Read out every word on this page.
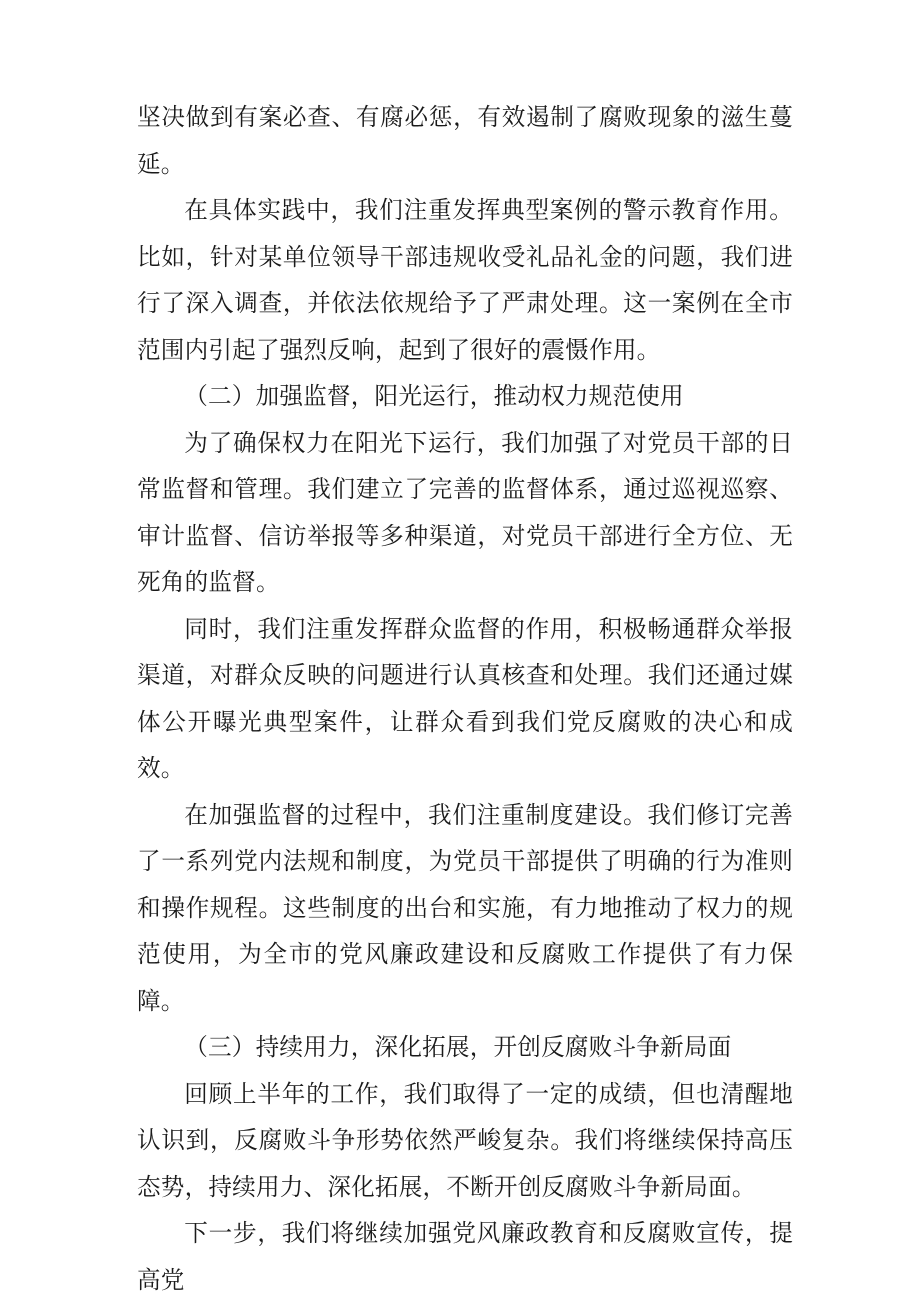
坚决做到有案必查、有腐必惩，有效遏制了腐败现象的滋生蔓延。

在具体实践中，我们注重发挥典型案例的警示教育作用。比如，针对某单位领导干部违规收受礼品礼金的问题，我们进行了深入调查，并依法依规给予了严肃处理。这一案例在全市范围内引起了强烈反响，起到了很好的震慑作用。

（二）加强监督，阳光运行，推动权力规范使用

为了确保权力在阳光下运行，我们加强了对党员干部的日常监督和管理。我们建立了完善的监督体系，通过巡视巡察、审计监督、信访举报等多种渠道，对党员干部进行全方位、无死角的监督。

同时，我们注重发挥群众监督的作用，积极畅通群众举报渠道，对群众反映的问题进行认真核查和处理。我们还通过媒体公开曝光典型案件，让群众看到我们党反腐败的决心和成效。

在加强监督的过程中，我们注重制度建设。我们修订完善了一系列党内法规和制度，为党员干部提供了明确的行为准则和操作规程。这些制度的出台和实施，有力地推动了权力的规范使用，为全市的党风廉政建设和反腐败工作提供了有力保障。

（三）持续用力，深化拓展，开创反腐败斗争新局面

回顾上半年的工作，我们取得了一定的成绩，但也清醒地认识到，反腐败斗争形势依然严峻复杂。我们将继续保持高压态势，持续用力、深化拓展，不断开创反腐败斗争新局面。

下一步，我们将继续加强党风廉政教育和反腐败宣传，提高党
